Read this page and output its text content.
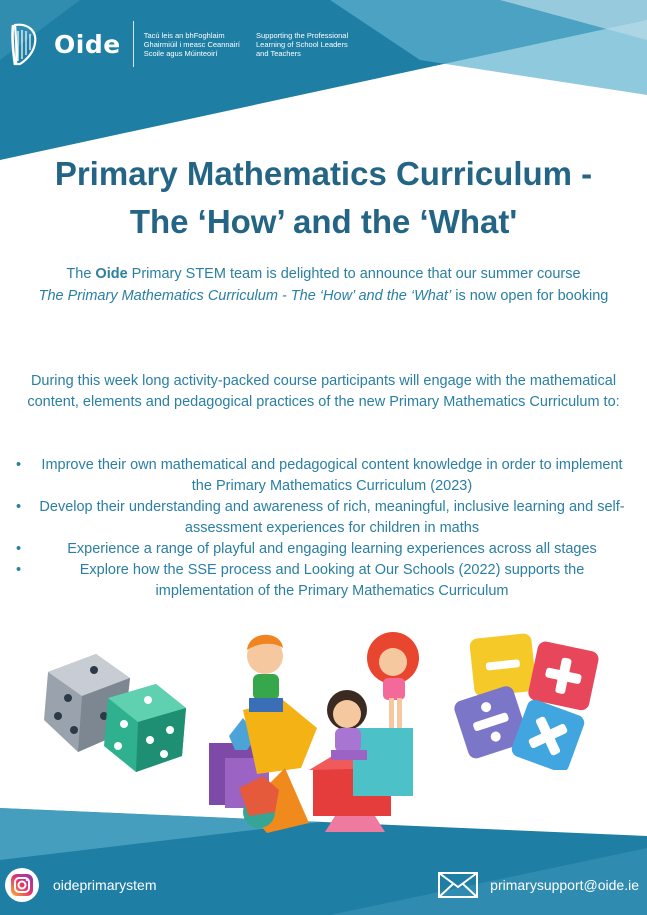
Oide	Tacú leis an bhFoghlaim
Ghairmiúil i measc Ceannairí
Scoile agus Múinteoirí
Supporting the Professional
Learning of School Leaders
and Teachers
Primary Mathematics Curriculum -
The ‘How’ and the ‘What'
The Oide Primary STEM team is delighted to announce that our summer course
The Primary Mathematics Curriculum - The ‘How’ and the ‘What’ is now open for booking
During this week long activity-packed course participants will engage with the mathematical content, elements and pedagogical practices of the new Primary Mathematics Curriculum to:
• Improve their own mathematical and pedagogical content knowledge in order to implement the Primary Mathematics Curriculum (2023)
• Develop their understanding and awareness of rich, meaningful, inclusive learning and self-assessment experiences for children in maths
•	Experience a range of playful and engaging learning experiences across all stages
•	Explore how the SSE process and Looking at Our Schools (2022) supports the implementation of the Primary Mathematics Curriculum
oideprimarystem	primarysupport@oide.ie
